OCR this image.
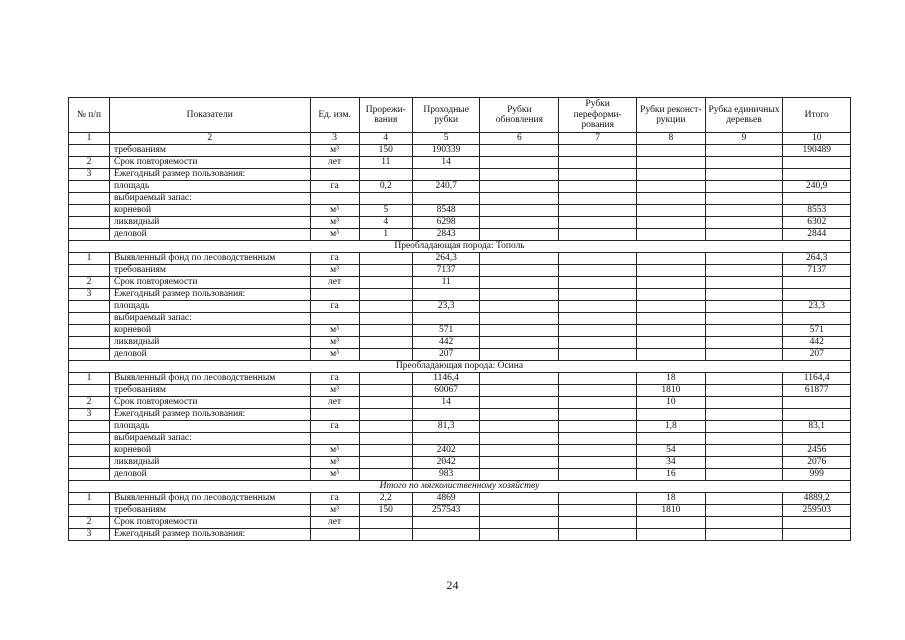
№ п/п	Показатели	Ед. изм.	Прорежи-вания	Проходные рубки	Рубки обновления	Рубки переформи-рования	Рубки реконст-рукции	Рубка единичных деревьев	Итого
1	2	3	4	5	6	7	8	9	10
	требованиям	м³	150	190339					190489
2	Срок повторяемости	лет	11	14					
3	Ежегодный размер пользования:								
	площадь	га	0,2	240,7					240,9
	выбираемый запас:								
	корневой	м³	5	8548					8553
	ликвидный	м³	4	6298					6302
	деловой	м³	1	2843					2844
Преобладающая порода: Тополь									
1	Выявленный фонд по лесоводственным	га		264,3					264,3
	требованиям	м³		7137					7137
2	Срок повторяемости	лет		11					
3	Ежегодный размер пользования:								
	площадь	га		23,3					23,3
	выбираемый запас:								
	корневой	м³		571					571
	ликвидный	м³		442					442
	деловой	м³		207					207
Преобладающая порода: Осина									
1	Выявленный фонд по лесоводственным	га		1146,4			18		1164,4
	требованиям	м³		60067			1810		61877
2	Срок повторяемости	лет		14			10		
3	Ежегодный размер пользования:								
	площадь	га		81,3			1,8		83,1
	выбираемый запас:								
	корневой	м³		2402			54		2456
	ликвидный	м³		2042			34		2076
	деловой	м³		983			16		999
Итого по мягколиственному хозяйству									
1	Выявленный фонд по лесоводственным	га	2,2	4869			18		4889,2
	требованиям	м³	150	257543			1810		259503
2	Срок повторяемости	лет							
3	Ежегодный размер пользования:								
24
